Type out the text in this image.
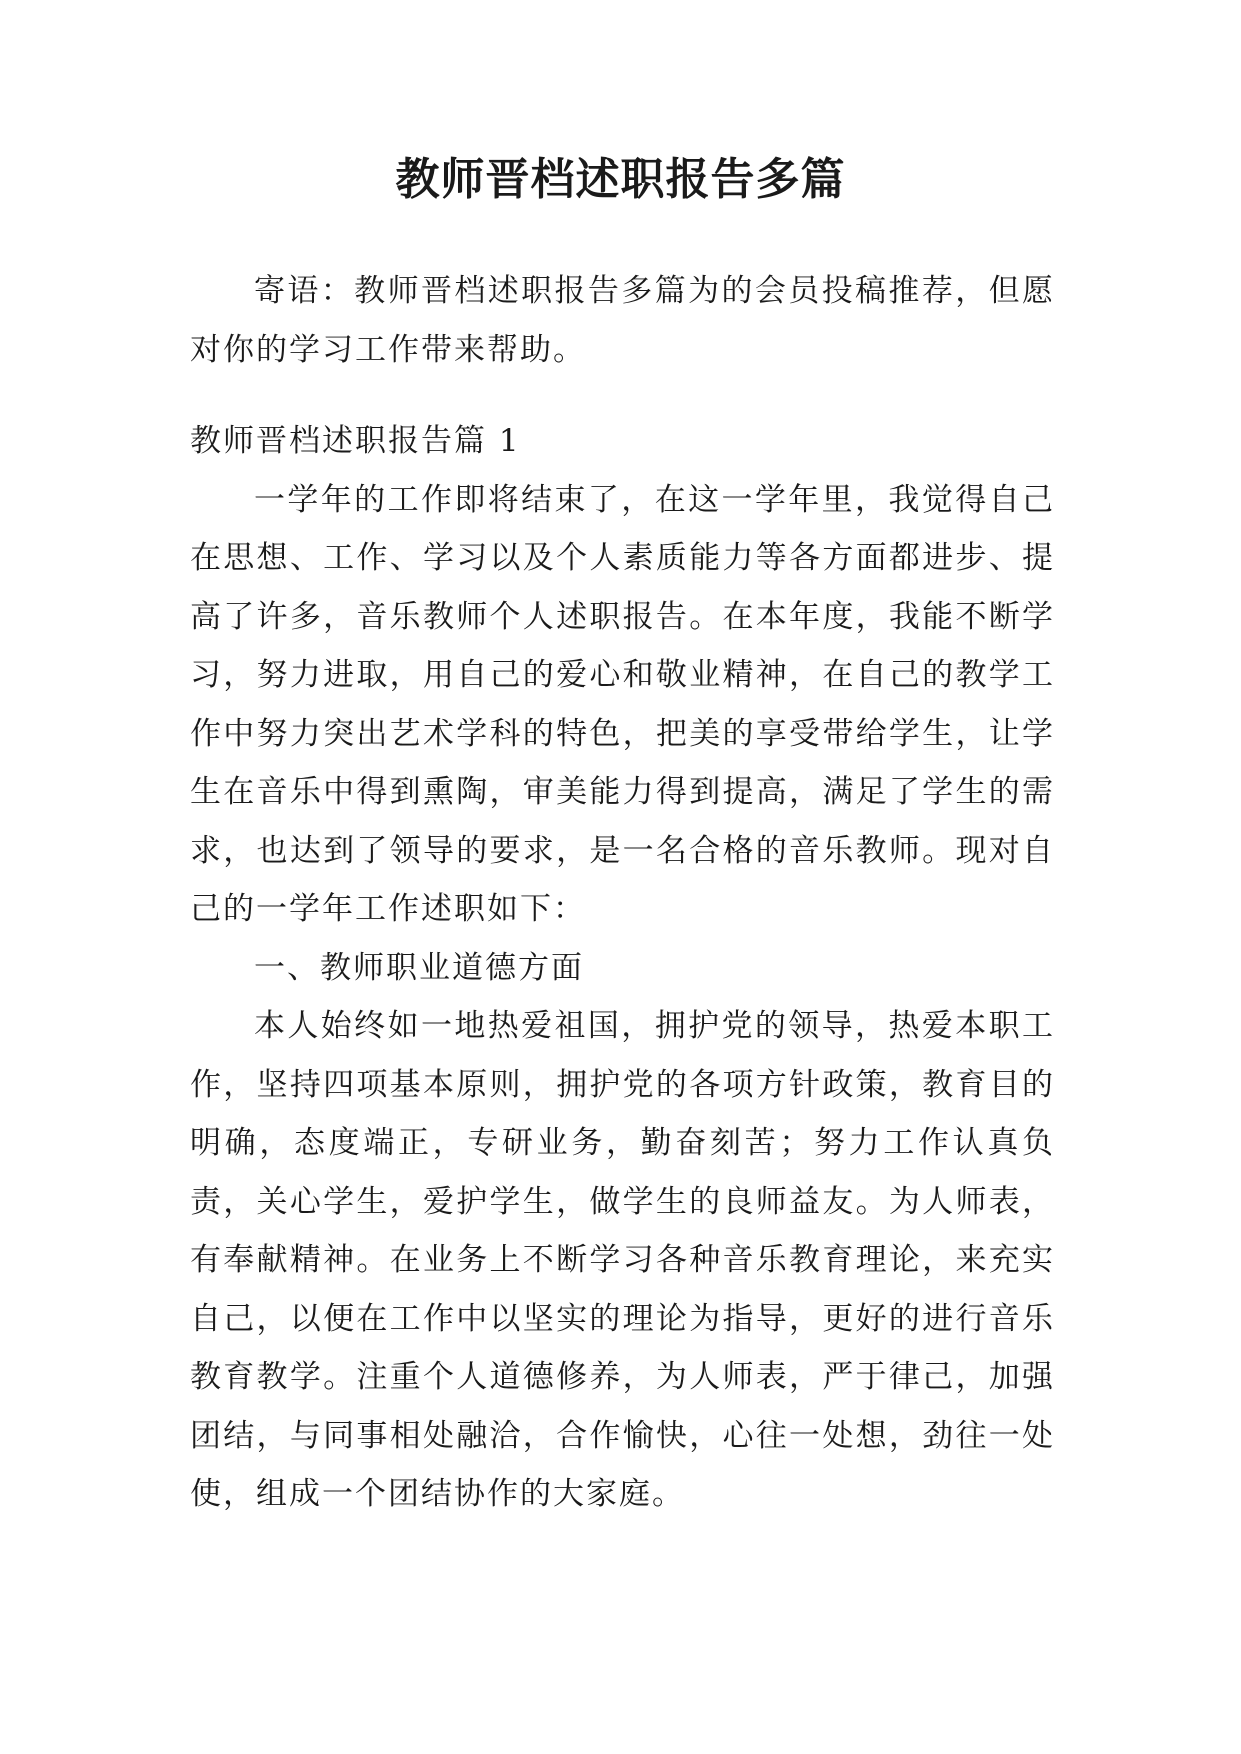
教师晋档述职报告多篇

寄语：教师晋档述职报告多篇为的会员投稿推荐，但愿对你的学习工作带来帮助。

教师晋档述职报告篇 1

一学年的工作即将结束了，在这一学年里，我觉得自己在思想、工作、学习以及个人素质能力等各方面都进步、提高了许多，音乐教师个人述职报告。在本年度，我能不断学习，努力进取，用自己的爱心和敬业精神，在自己的教学工作中努力突出艺术学科的特色，把美的享受带给学生，让学生在音乐中得到熏陶，审美能力得到提高，满足了学生的需求，也达到了领导的要求，是一名合格的音乐教师。现对自己的一学年工作述职如下：

一、教师职业道德方面

本人始终如一地热爱祖国，拥护党的领导，热爱本职工作，坚持四项基本原则，拥护党的各项方针政策，教育目的明确，态度端正，专研业务，勤奋刻苦；努力工作认真负责，关心学生，爱护学生，做学生的良师益友。为人师表，有奉献精神。在业务上不断学习各种音乐教育理论，来充实自己，以便在工作中以坚实的理论为指导，更好的进行音乐教育教学。注重个人道德修养，为人师表，严于律己，加强团结，与同事相处融洽，合作愉快，心往一处想，劲往一处使，组成一个团结协作的大家庭。
